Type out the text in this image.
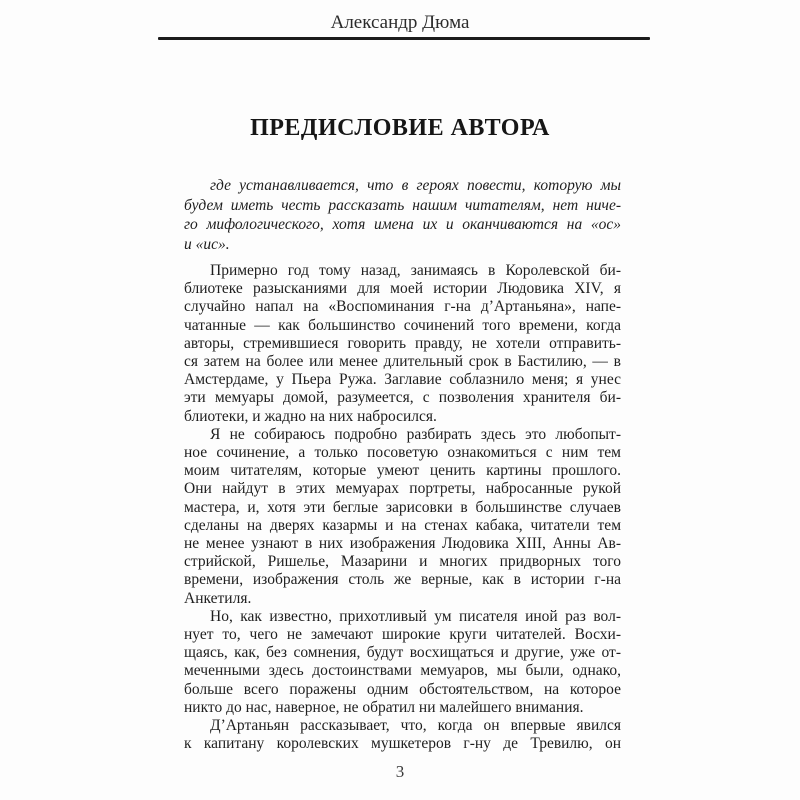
Александр Дюма
ПРЕДИСЛОВИЕ АВТОРА
где устанавливается, что в героях повести, которую мы
будем иметь честь рассказать нашим читателям, нет ниче-
го мифологического, хотя имена их и оканчиваются на «ос»
и «ис».

Примерно год тому назад, занимаясь в Королевской би-
блиотеке разысканиями для моей истории Людовика XIV, я
случайно напал на «Воспоминания г-на д’Артаньяна», напе-
чатанные — как большинство сочинений того времени, когда
авторы, стремившиеся говорить правду, не хотели отправить-
ся затем на более или менее длительный срок в Бастилию, — в
Амстердаме, у Пьера Ружа. Заглавие соблазнило меня; я унес
эти мемуары домой, разумеется, с позволения хранителя би-
блиотеки, и жадно на них набросился.

Я не собираюсь подробно разбирать здесь это любопыт-
ное сочинение, а только посоветую ознакомиться с ним тем
моим читателям, которые умеют ценить картины прошлого.
Они найдут в этих мемуарах портреты, набросанные рукой
мастера, и, хотя эти беглые зарисовки в большинстве случаев
сделаны на дверях казармы и на стенах кабака, читатели тем
не менее узнают в них изображения Людовика XIII, Анны Ав-
стрийской, Ришелье, Мазарини и многих придворных того
времени, изображения столь же верные, как в истории г-на
Анкетиля.

Но, как известно, прихотливый ум писателя иной раз вол-
нует то, чего не замечают широкие круги читателей. Восхи-
щаясь, как, без сомнения, будут восхищаться и другие, уже от-
меченными здесь достоинствами мемуаров, мы были, однако,
больше всего поражены одним обстоятельством, на которое
никто до нас, наверное, не обратил ни малейшего внимания.

Д’Артаньян рассказывает, что, когда он впервые явился
к капитану королевских мушкетеров г-ну де Тревилю, он

3
